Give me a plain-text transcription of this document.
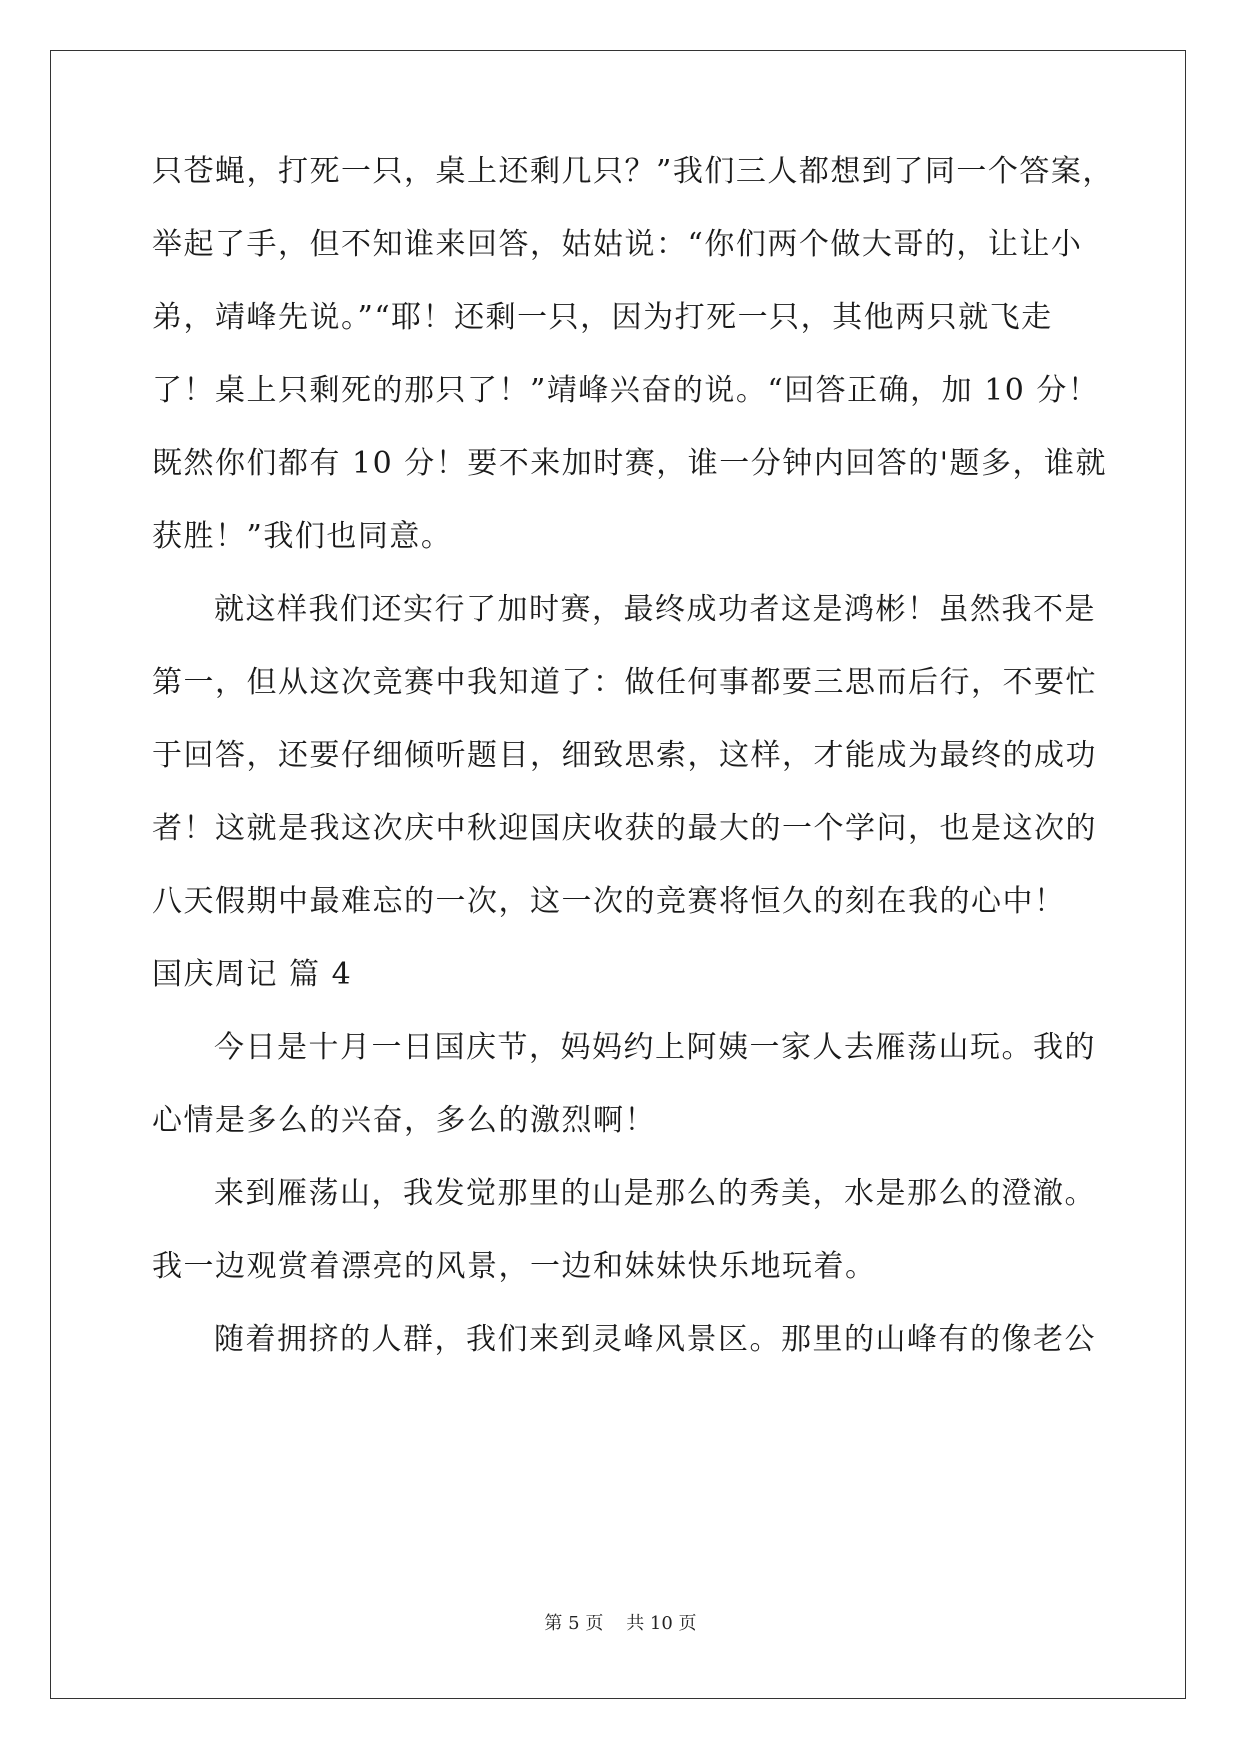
只苍蝇，打死一只，桌上还剩几只？”我们三人都想到了同一个答案，
举起了手，但不知谁来回答，姑姑说：“你们两个做大哥的，让让小
弟，靖峰先说。”“耶！还剩一只，因为打死一只，其他两只就飞走
了！桌上只剩死的那只了！”靖峰兴奋的说。“回答正确，加 10 分！
既然你们都有 10 分！要不来加时赛，谁一分钟内回答的'题多，谁就
获胜！”我们也同意。
就这样我们还实行了加时赛，最终成功者这是鸿彬！虽然我不是
第一，但从这次竞赛中我知道了：做任何事都要三思而后行，不要忙
于回答，还要仔细倾听题目，细致思索，这样，才能成为最终的成功
者！这就是我这次庆中秋迎国庆收获的最大的一个学问，也是这次的
八天假期中最难忘的一次，这一次的竞赛将恒久的刻在我的心中！
国庆周记 篇 4
今日是十月一日国庆节，妈妈约上阿姨一家人去雁荡山玩。我的
心情是多么的兴奋，多么的激烈啊！
来到雁荡山，我发觉那里的山是那么的秀美，水是那么的澄澈。
我一边观赏着漂亮的风景，一边和妹妹快乐地玩着。
随着拥挤的人群，我们来到灵峰风景区。那里的山峰有的像老公
第 5 页    共 10 页
